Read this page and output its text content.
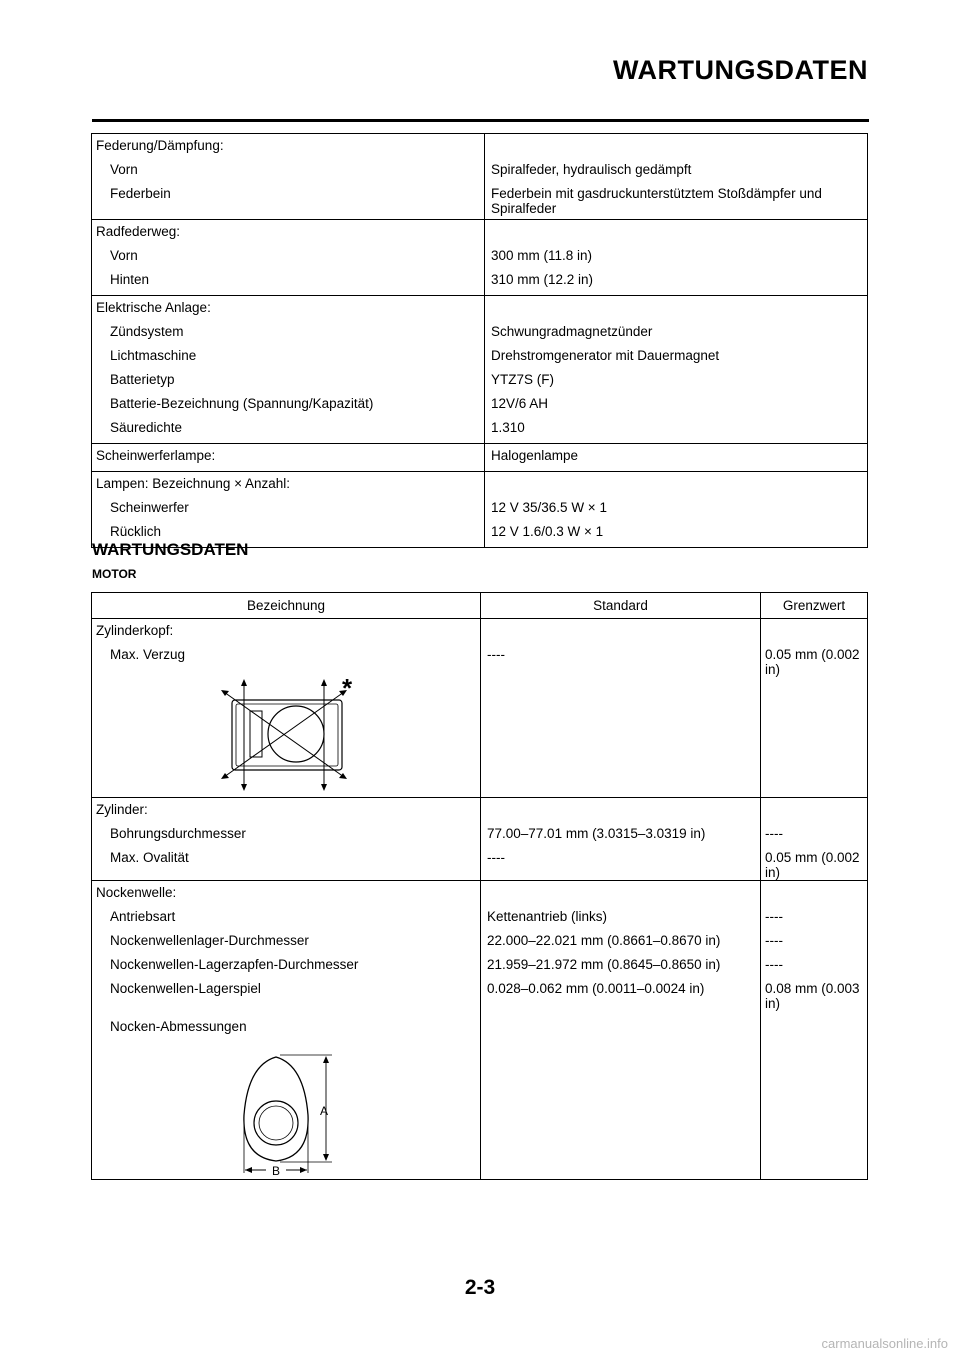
WARTUNGSDATEN
Federung/Dämpfung:	

Vorn	Spiralfeder, hydraulisch gedämpft

Federbein	Federbein mit gasdruckunterstütztem Stoßdämpfer und Spiralfeder
Radfederweg:	

Vorn	300 mm (11.8 in)

Hinten	310 mm (12.2 in)
Elektrische Anlage:	

Zündsystem	Schwungradmagnetzünder

Lichtmaschine	Drehstromgenerator mit Dauermagnet

Batterietyp	YTZ7S (F)

Batterie-Bezeichnung (Spannung/Kapazität)	12V/6 AH

Säuredichte	1.310
Scheinwerferlampe:	Halogenlampe
Lampen: Bezeichnung × Anzahl:	

Scheinwerfer	12 V 35/36.5 W × 1

Rücklich	12 V 1.6/0.3 W × 1
WARTUNGSDATEN
MOTOR
Bezeichnung	Standard	Grenzwert
Zylinderkopf:		

Max. Verzug	----	0.05 mm (0.002 in)

*		

Zylinder:		

Bohrungsdurchmesser	77.00–77.01 mm (3.0315–3.0319 in)	----

Max. Ovalität	----	0.05 mm (0.002 in)
Nockenwelle:		

Antriebsart	Kettenantrieb (links)	----

Nockenwellenlager-Durchmesser	22.000–22.021 mm (0.8661–0.8670 in)	----

Nockenwellen-Lagerzapfen-Durchmesser	21.959–21.972 mm (0.8645–0.8650 in)	----

Nockenwellen-Lagerspiel	0.028–0.062 mm (0.0011–0.0024 in)	0.08 mm (0.003 in)

Nocken-Abmessungen		

A
B		

2-3
carmanualsonline.info
